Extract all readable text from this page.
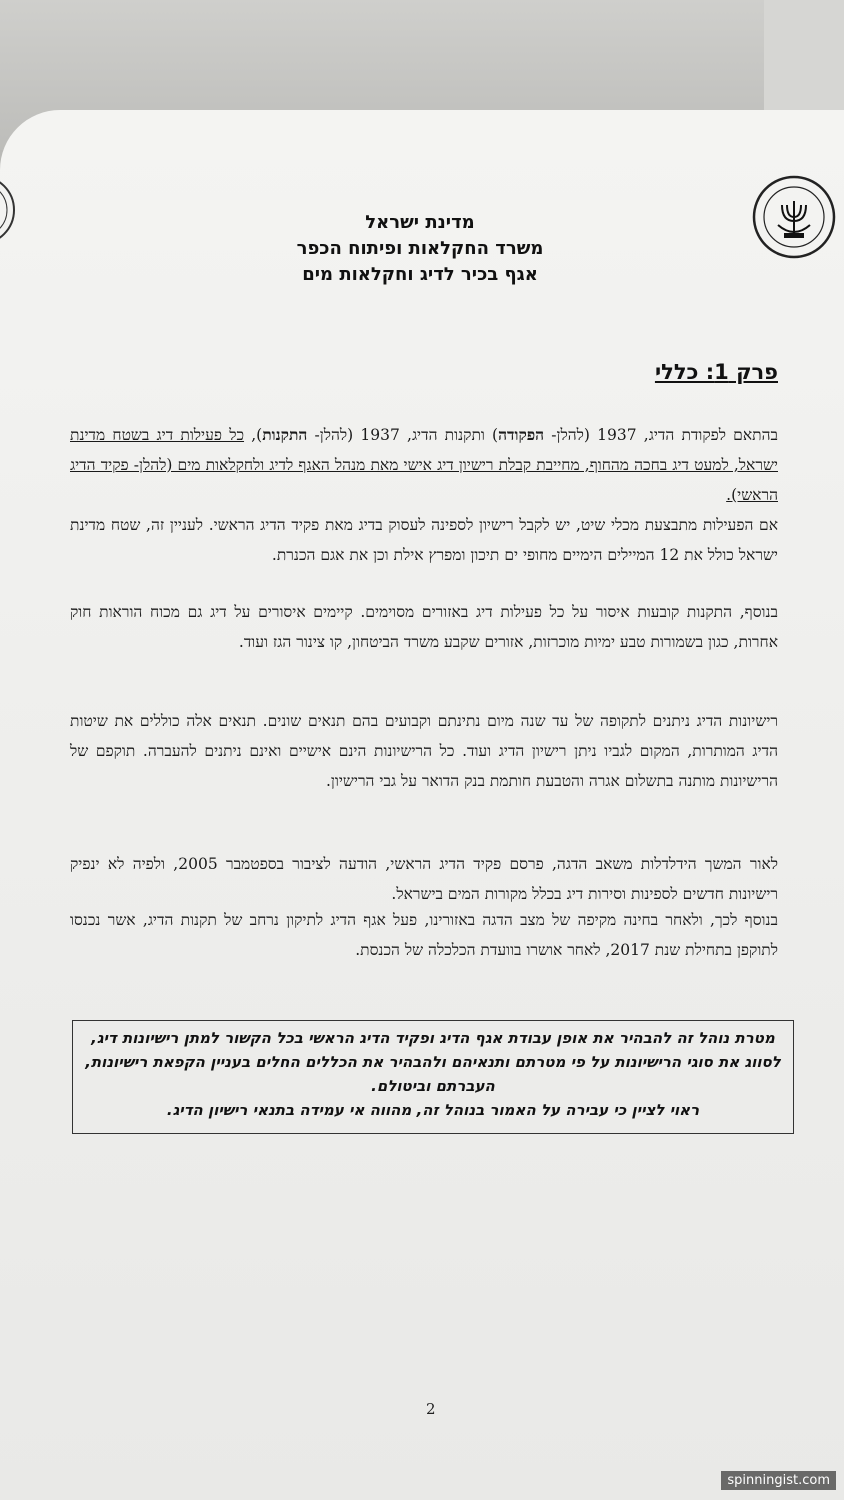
מדינת ישראל
משרד החקלאות ופיתוח הכפר
אגף בכיר לדיג וחקלאות מים
פרק 1: כללי
בהתאם לפקודת הדיג, 1937 (להלן- הפקודה) ותקנות הדיג, 1937 (להלן- התקנות), כל פעילות דיג בשטח מדינת ישראל, למעט דיג בחכה מהחוף, מחייבת קבלת רישיון דיג אישי מאת מנהל האגף לדיג ולחקלאות מים (להלן- פקיד הדיג הראשי).
אם הפעילות מתבצעת מכלי שיט, יש לקבל רישיון לספינה לעסוק בדיג מאת פקיד הדיג הראשי. לעניין זה, שטח מדינת ישראל כולל את 12 המיילים הימיים מחופי ים תיכון ומפרץ אילת וכן את אגם הכנרת.
בנוסף, התקנות קובעות איסור על כל פעילות דיג באזורים מסוימים. קיימים איסורים על דיג גם מכוח הוראות חוק אחרות, כגון בשמורות טבע ימיות מוכרזות, אזורים שקבע משרד הביטחון, קו צינור הגז ועוד.
רישיונות הדיג ניתנים לתקופה של עד שנה מיום נתינתם וקבועים בהם תנאים שונים. תנאים אלה כוללים את שיטות הדיג המותרות, המקום לגביו ניתן רישיון הדיג ועוד. כל הרישיונות הינם אישיים ואינם ניתנים להעברה. תוקפם של הרישיונות מותנה בתשלום אגרה והטבעת חותמת בנק הדואר על גבי הרישיון.
לאור המשך הידלדלות משאב הדגה, פרסם פקיד הדיג הראשי, הודעה לציבור בספטמבר 2005, ולפיה לא ינפיק רישיונות חדשים לספינות וסירות דיג בכלל מקורות המים בישראל.
בנוסף לכך, ולאחר בחינה מקיפה של מצב הדגה באזורינו, פעל אגף הדיג לתיקון נרחב של תקנות הדיג, אשר נכנסו לתוקפן בתחילת שנת 2017, לאחר אושרו בוועדת הכלכלה של הכנסת.
מטרת נוהל זה להבהיר את אופן עבודת אגף הדיג ופקיד הדיג הראשי בכל הקשור למתן רישיונות דיג, לסווג את סוגי הרישיונות על פי מטרתם ותנאיהם ולהבהיר את הכללים החלים בעניין הקפאת רישיונות, העברתם וביטולם.
ראוי לציין כי עבירה על האמור בנוהל זה, מהווה אי עמידה בתנאי רישיון הדיג.
2
spinningist.com
